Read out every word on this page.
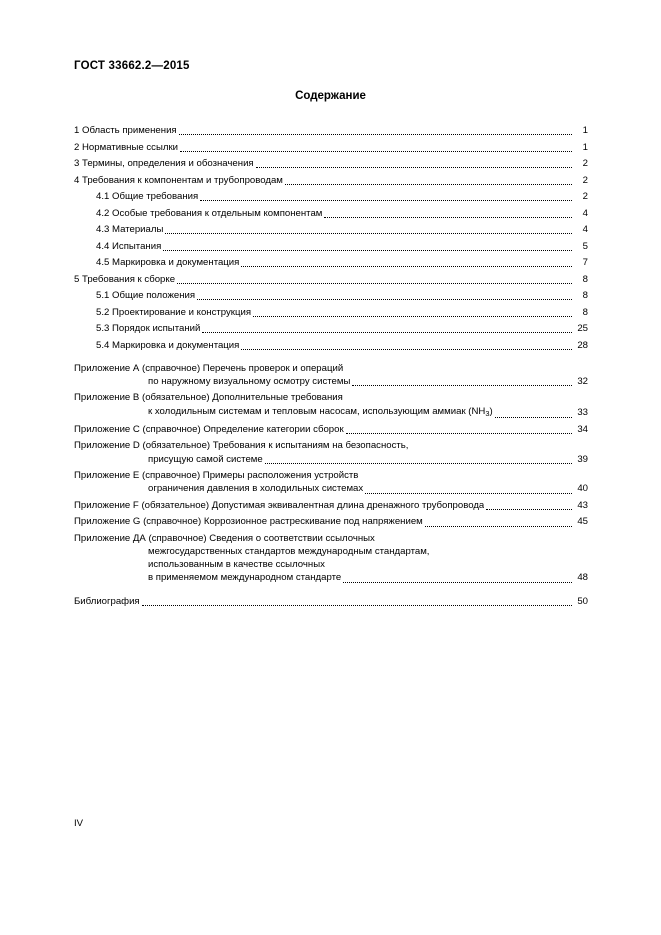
ГОСТ 33662.2—2015
Содержание
1 Область применения	1
2 Нормативные ссылки	1
3 Термины, определения и обозначения	2
4 Требования к компонентам и трубопроводам	2
4.1 Общие требования	2
4.2 Особые требования к отдельным компонентам	4
4.3 Материалы	4
4.4 Испытания	5
4.5 Маркировка и документация	7
5 Требования к сборке	8
5.1 Общие положения	8
5.2 Проектирование и конструкция	8
5.3 Порядок испытаний	25
5.4 Маркировка и документация	28
Приложение А (справочное) Перечень проверок и операций
по наружному визуальному осмотру системы	32
Приложение В (обязательное) Дополнительные требования
к холодильным системам и тепловым насосам, использующим аммиак $(NH_3)$	33
Приложение С (справочное) Определение категории сборок	34
Приложение D (обязательное) Требования к испытаниям на безопасность,
присущую самой системе	39
Приложение Е (справочное) Примеры расположения устройств
ограничения давления в холодильных системах	40
Приложение F (обязательное) Допустимая эквивалентная длина дренажного трубопровода	43
Приложение G (справочное) Коррозионное растрескивание под напряжением	45
Приложение ДА (справочное) Сведения о соответствии ссылочных
межгосударственных стандартов международным стандартам,
использованным в качестве ссылочных
в применяемом международном стандарте	48
Библиография	50
IV
